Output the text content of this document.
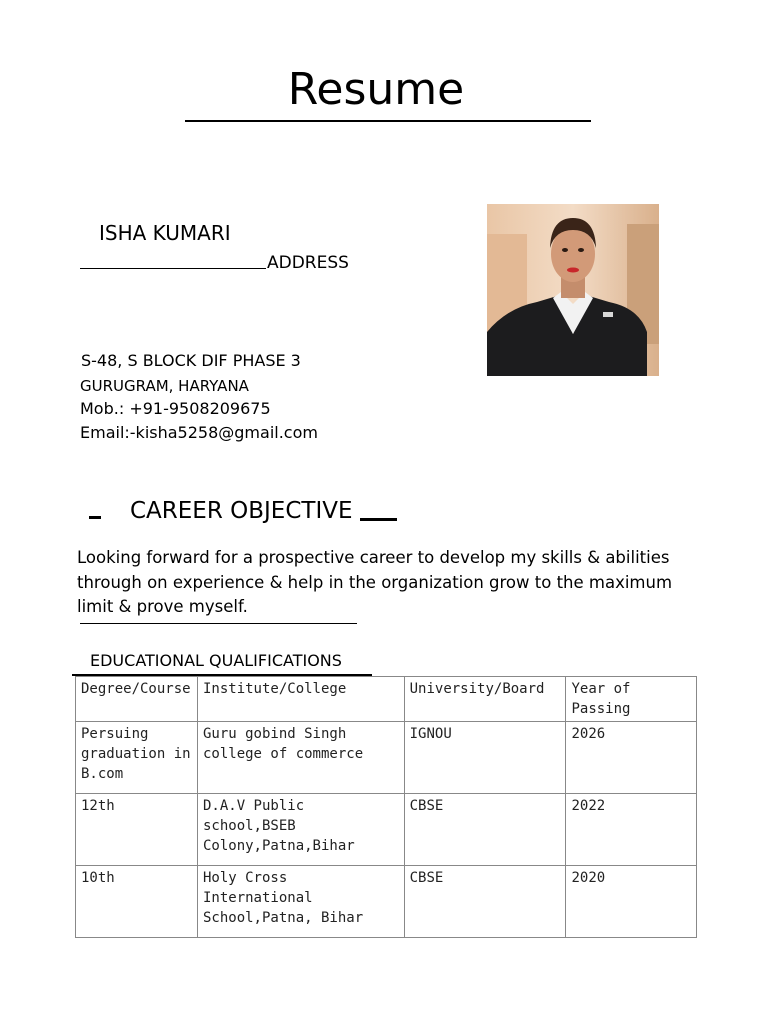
Resume
ISHA KUMARI
ADDRESS
S-48, S BLOCK DIF PHASE 3
GURUGRAM, HARYANA
Mob.: +91-9508209675
Email:-kisha5258@gmail.com
CAREER OBJECTIVE
Looking forward for a prospective career to develop my skills & abilities through on experience & help in the organization grow to the maximum limit & prove myself.
EDUCATIONAL QUALIFICATIONS
Degree/Course	Institute/College	University/Board	Year of Passing
Persuing graduation in B.com	Guru gobind Singh college of commerce	IGNOU	2026
12th	D.A.V Public school,BSEB Colony,Patna,Bihar	CBSE	2022
10th	Holy Cross International School,Patna, Bihar	CBSE	2020
